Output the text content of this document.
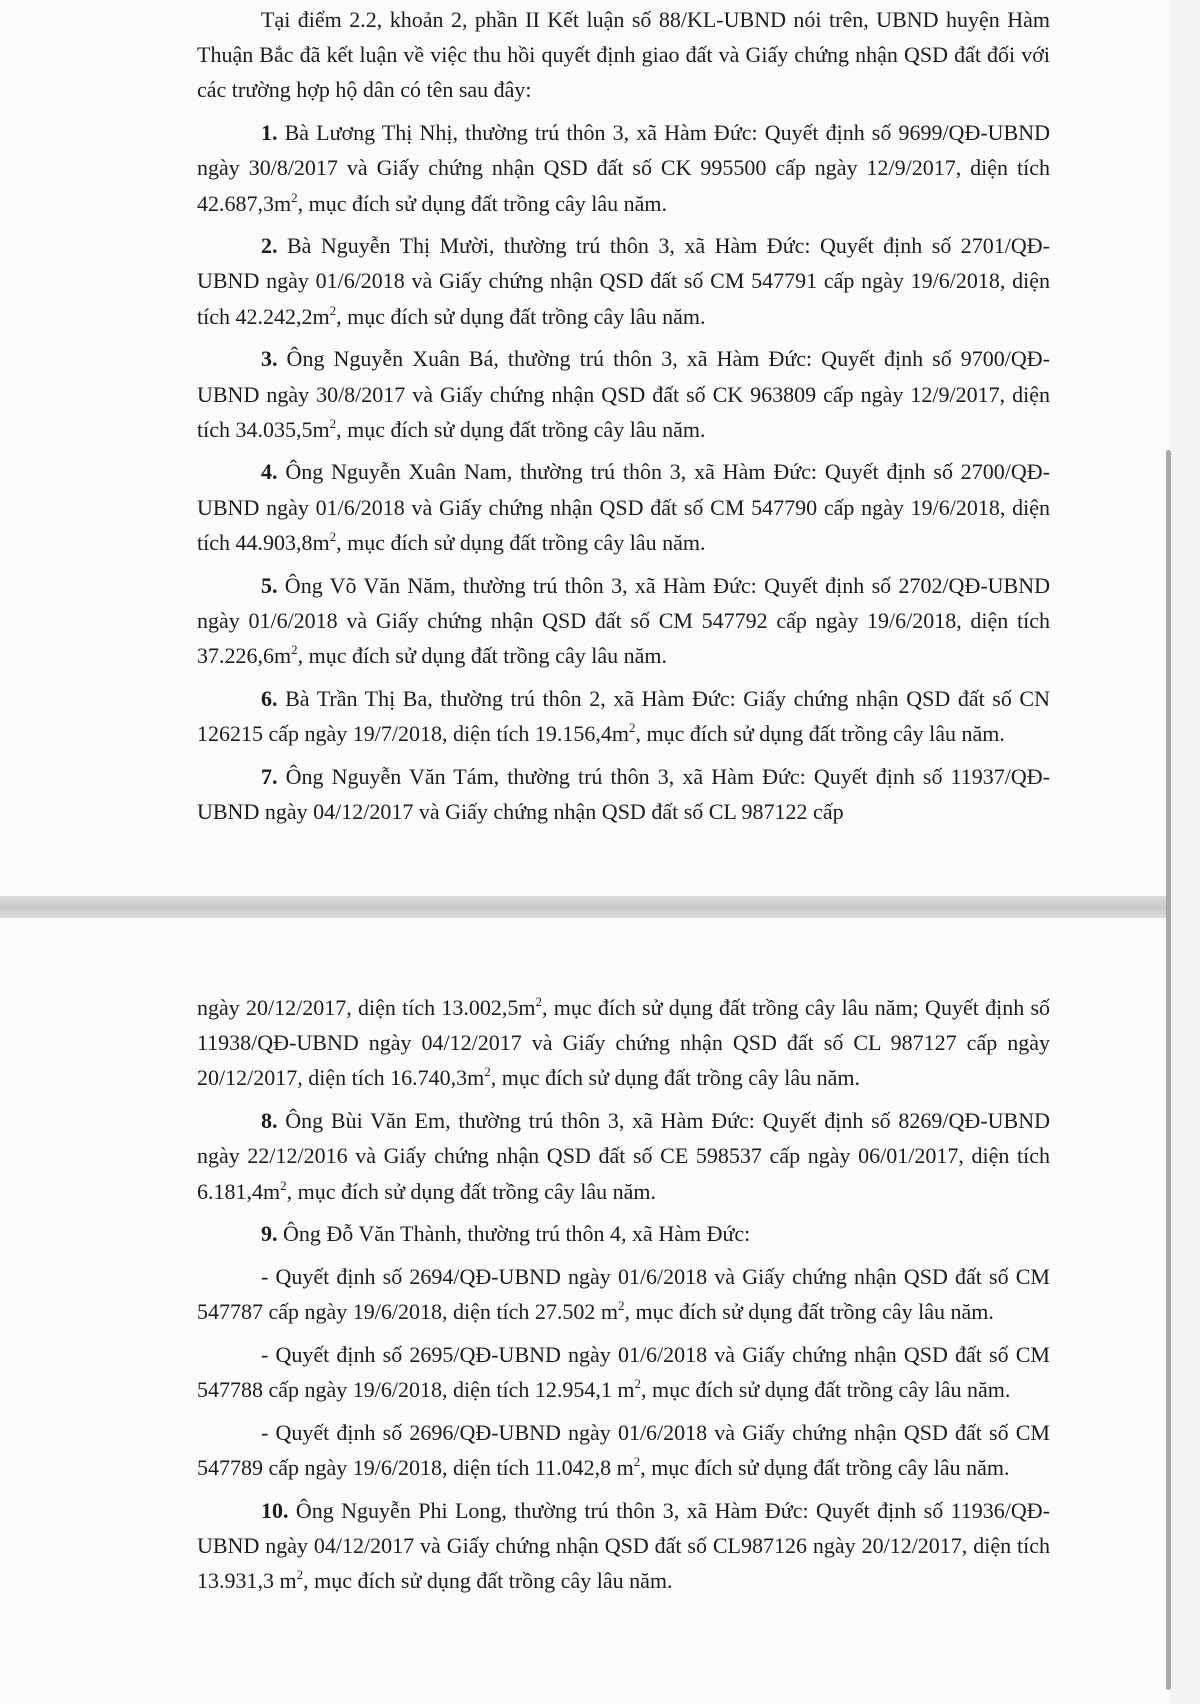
Tại điểm 2.2, khoản 2, phần II Kết luận số 88/KL-UBND nói trên, UBND huyện Hàm Thuận Bắc đã kết luận về việc thu hồi quyết định giao đất và Giấy chứng nhận QSD đất đối với các trường hợp hộ dân có tên sau đây:

1. Bà Lương Thị Nhị, thường trú thôn 3, xã Hàm Đức: Quyết định số 9699/QĐ-UBND ngày 30/8/2017 và Giấy chứng nhận QSD đất số CK 995500 cấp ngày 12/9/2017, diện tích $42.687,3m^2$, mục đích sử dụng đất trồng cây lâu năm.

2. Bà Nguyễn Thị Mười, thường trú thôn 3, xã Hàm Đức: Quyết định số 2701/QĐ-UBND ngày 01/6/2018 và Giấy chứng nhận QSD đất số CM 547791 cấp ngày 19/6/2018, diện tích $42.242,2m^2$, mục đích sử dụng đất trồng cây lâu năm.

3. Ông Nguyễn Xuân Bá, thường trú thôn 3, xã Hàm Đức: Quyết định số 9700/QĐ-UBND ngày 30/8/2017 và Giấy chứng nhận QSD đất số CK 963809 cấp ngày 12/9/2017, diện tích $34.035,5m^2$, mục đích sử dụng đất trồng cây lâu năm.

4. Ông Nguyễn Xuân Nam, thường trú thôn 3, xã Hàm Đức: Quyết định số 2700/QĐ-UBND ngày 01/6/2018 và Giấy chứng nhận QSD đất số CM 547790 cấp ngày 19/6/2018, diện tích $44.903,8m^2$, mục đích sử dụng đất trồng cây lâu năm.

5. Ông Võ Văn Năm, thường trú thôn 3, xã Hàm Đức: Quyết định số 2702/QĐ-UBND ngày 01/6/2018 và Giấy chứng nhận QSD đất số CM 547792 cấp ngày 19/6/2018, diện tích $37.226,6m^2$, mục đích sử dụng đất trồng cây lâu năm.

6. Bà Trần Thị Ba, thường trú thôn 2, xã Hàm Đức: Giấy chứng nhận QSD đất số CN 126215 cấp ngày 19/7/2018, diện tích $19.156,4m^2$, mục đích sử dụng đất trồng cây lâu năm.

7. Ông Nguyễn Văn Tám, thường trú thôn 3, xã Hàm Đức: Quyết định số 11937/QĐ-UBND ngày 04/12/2017 và Giấy chứng nhận QSD đất số CL 987122 cấp

ngày 20/12/2017, diện tích $13.002,5m^2$, mục đích sử dụng đất trồng cây lâu năm; Quyết định số 11938/QĐ-UBND ngày 04/12/2017 và Giấy chứng nhận QSD đất số CL 987127 cấp ngày 20/12/2017, diện tích $16.740,3m^2$, mục đích sử dụng đất trồng cây lâu năm.

8. Ông Bùi Văn Em, thường trú thôn 3, xã Hàm Đức: Quyết định số 8269/QĐ-UBND ngày 22/12/2016 và Giấy chứng nhận QSD đất số CE 598537 cấp ngày 06/01/2017, diện tích $6.181,4m^2$, mục đích sử dụng đất trồng cây lâu năm.

9. Ông Đỗ Văn Thành, thường trú thôn 4, xã Hàm Đức:

- Quyết định số 2694/QĐ-UBND ngày 01/6/2018 và Giấy chứng nhận QSD đất số CM 547787 cấp ngày 19/6/2018, diện tích 27.502 $m^2$, mục đích sử dụng đất trồng cây lâu năm.

- Quyết định số 2695/QĐ-UBND ngày 01/6/2018 và Giấy chứng nhận QSD đất số CM 547788 cấp ngày 19/6/2018, diện tích 12.954,1 $m^2$, mục đích sử dụng đất trồng cây lâu năm.

- Quyết định số 2696/QĐ-UBND ngày 01/6/2018 và Giấy chứng nhận QSD đất số CM 547789 cấp ngày 19/6/2018, diện tích 11.042,8 $m^2$, mục đích sử dụng đất trồng cây lâu năm.

10. Ông Nguyễn Phi Long, thường trú thôn 3, xã Hàm Đức: Quyết định số 11936/QĐ-UBND ngày 04/12/2017 và Giấy chứng nhận QSD đất số CL987126 ngày 20/12/2017, diện tích 13.931,3 $m^2$, mục đích sử dụng đất trồng cây lâu năm.
